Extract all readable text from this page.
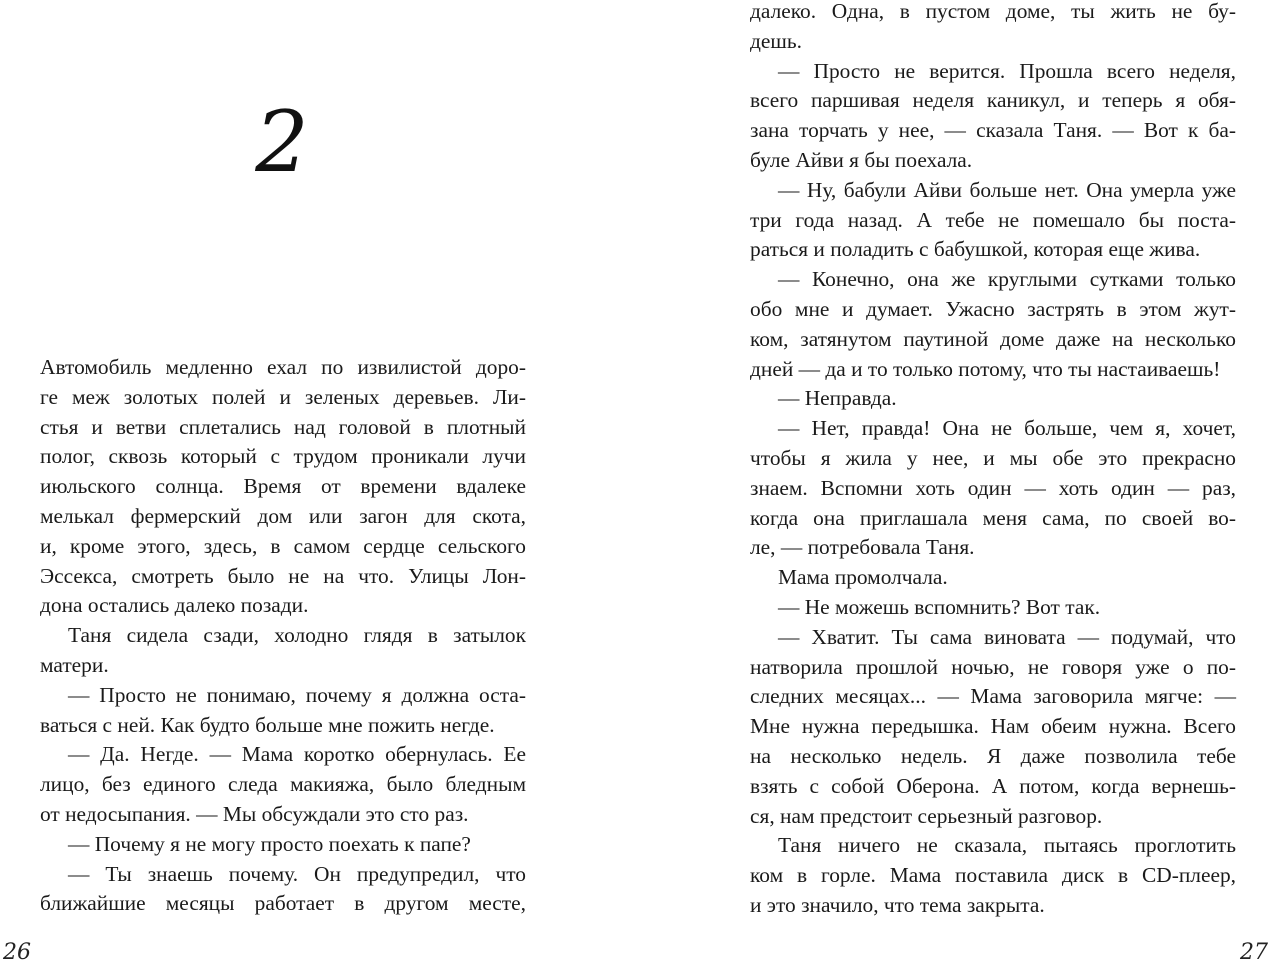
2
Автомобиль медленно ехал по извилистой доро-
ге меж золотых полей и зеленых деревьев. Ли-
стья и ветви сплетались над головой в плотный
полог, сквозь который с трудом проникали лучи
июльского солнца. Время от времени вдалеке
мелькал фермерский дом или загон для скота,
и, кроме этого, здесь, в самом сердце сельского
Эссекса, смотреть было не на что. Улицы Лон-
дона остались далеко позади.
Таня сидела сзади, холодно глядя в затылок
матери.
— Просто не понимаю, почему я должна оста-
ваться с ней. Как будто больше мне пожить негде.
— Да. Негде. — Мама коротко обернулась. Ее
лицо, без единого следа макияжа, было бледным
от недосыпания. — Мы обсуждали это сто раз.
— Почему я не могу просто поехать к папе?
— Ты знаешь почему. Он предупредил, что
ближайшие месяцы работает в другом месте,
26
далеко. Одна, в пустом доме, ты жить не бу-
дешь.
— Просто не верится. Прошла всего неделя,
всего паршивая неделя каникул, и теперь я обя-
зана торчать у нее, — сказала Таня. — Вот к ба-
буле Айви я бы поехала.
— Ну, бабули Айви больше нет. Она умерла уже
три года назад. А тебе не помешало бы поста-
раться и поладить с бабушкой, которая еще жива.
— Конечно, она же круглыми сутками только
обо мне и думает. Ужасно застрять в этом жут-
ком, затянутом паутиной доме даже на несколько
дней — да и то только потому, что ты настаиваешь!
— Неправда.
— Нет, правда! Она не больше, чем я, хочет,
чтобы я жила у нее, и мы обе это прекрасно
знаем. Вспомни хоть один — хоть один — раз,
когда она приглашала меня сама, по своей во-
ле, — потребовала Таня.
Мама промолчала.
— Не можешь вспомнить? Вот так.
— Хватит. Ты сама виновата — подумай, что
натворила прошлой ночью, не говоря уже о по-
следних месяцах... — Мама заговорила мягче: —
Мне нужна передышка. Нам обеим нужна. Всего
на несколько недель. Я даже позволила тебе
взять с собой Оберона. А потом, когда вернешь-
ся, нам предстоит серьезный разговор.
Таня ничего не сказала, пытаясь проглотить
ком в горле. Мама поставила диск в CD-плеер,
и это значило, что тема закрыта.
27
